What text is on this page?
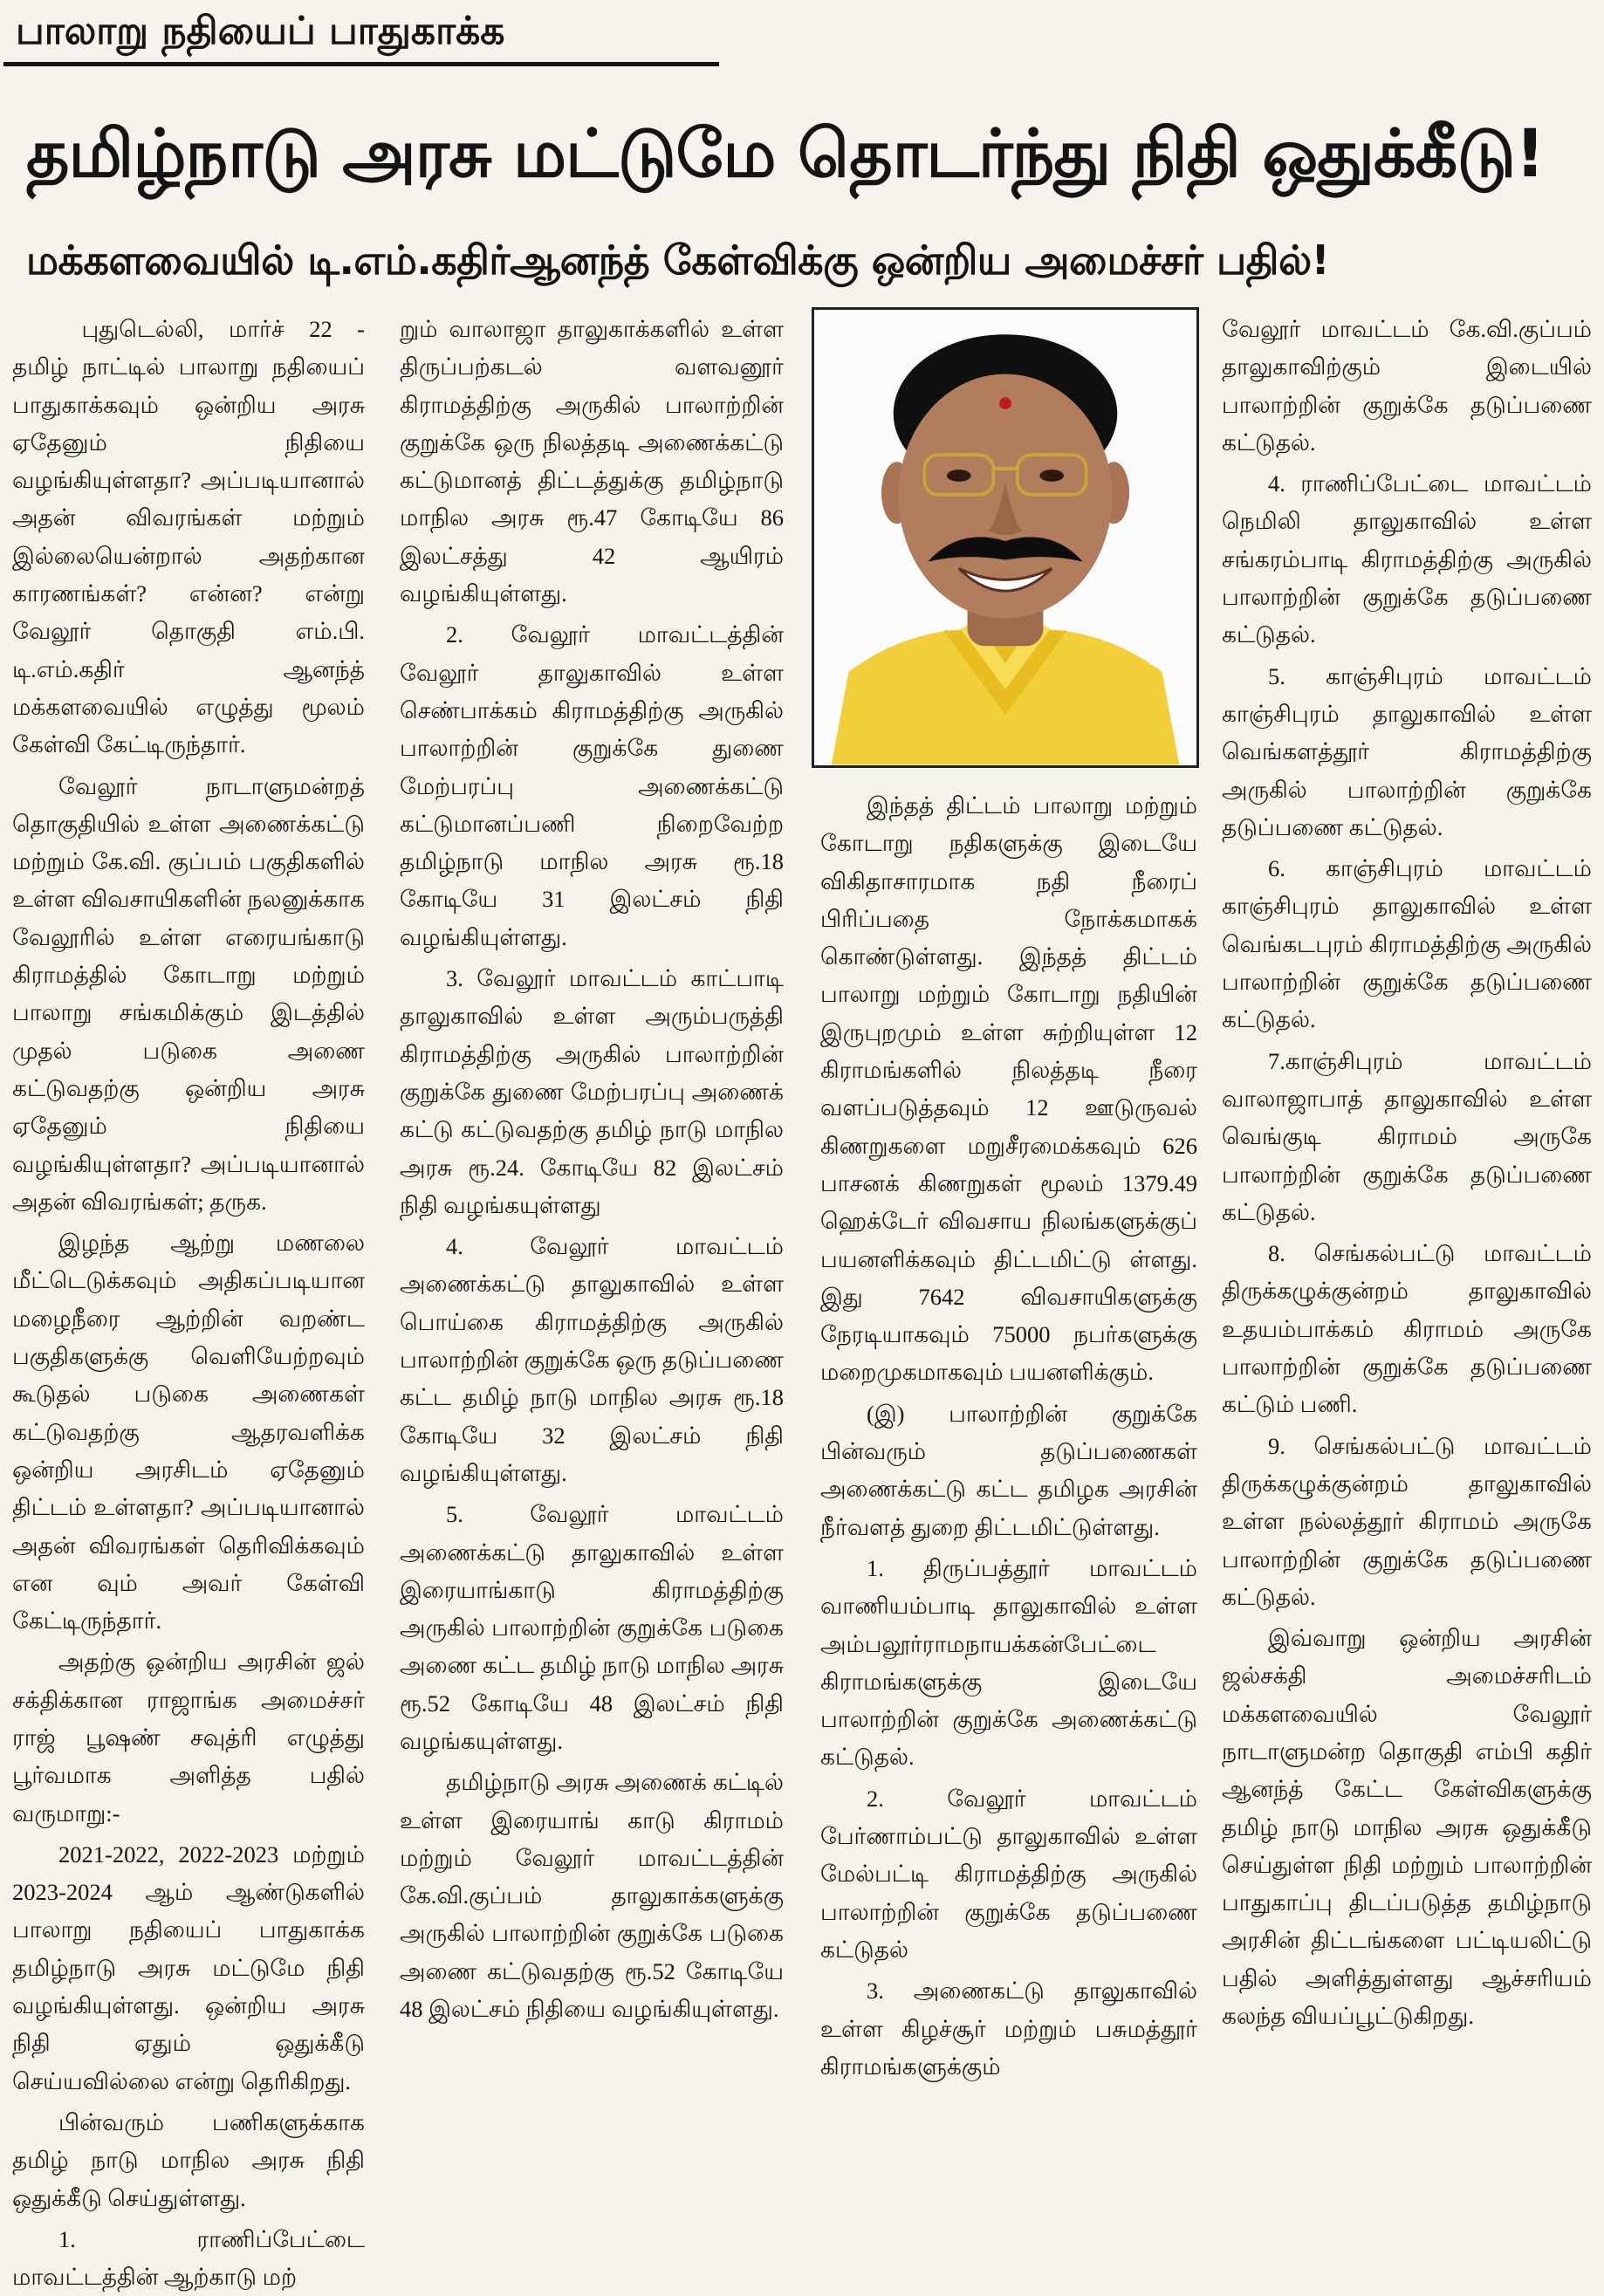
பாலாறு நதியைப் பாதுகாக்க
தமிழ்நாடு அரசு மட்டுமே தொடர்ந்து நிதி ஒதுக்கீடு!
மக்களவையில் டி.எம்.கதிர்ஆனந்த் கேள்விக்கு ஒன்றிய அமைச்சர் பதில்!

புதுடெல்லி, மார்ச் 22 - தமிழ் நாட்டில் பாலாறு நதியைப் பாதுகாக்கவும் ஒன்றிய அரசு ஏதேனும் நிதியை வழங்கியுள்ளதா? அப்படியானால் அதன் விவரங்கள் மற்றும் இல்லையென்றால் அதற்கான காரணங்கள்? என்ன? என்று வேலூர் தொகுதி எம்.பி. டி.எம்.கதிர் ஆனந்த் மக்களவையில் எழுத்து மூலம் கேள்வி கேட்டிருந்தார்.

வேலூர் நாடாளுமன்றத் தொகுதியில் உள்ள அணைக்கட்டு மற்றும் கே.வி. குப்பம் பகுதிகளில் உள்ள விவசாயிகளின் நலனுக்காக வேலூரில் உள்ள எரையங்காடு கிராமத்தில் கோடாறு மற்றும் பாலாறு சங்கமிக்கும் இடத்தில் முதல் படுகை அணை கட்டுவதற்கு ஒன்றிய அரசு ஏதேனும் நிதியை வழங்கியுள்ளதா? அப்படியானால் அதன் விவரங்கள்; தருக.

இழந்த ஆற்று மணலை மீட்டெடுக்கவும் அதிகப்படியான மழைநீரை ஆற்றின் வறண்ட பகுதிகளுக்கு வெளியேற்றவும் கூடுதல் படுகை அணைகள் கட்டுவதற்கு ஆதரவளிக்க ஒன்றிய அரசிடம் ஏதேனும் திட்டம் உள்ளதா? அப்படியானால் அதன் விவரங்கள் தெரிவிக்கவும் என வும் அவர் கேள்வி கேட்டிருந்தார்.

அதற்கு ஒன்றிய அரசின் ஜல் சக்திக்கான ராஜாங்க அமைச்சர் ராஜ் பூஷண் சவுத்ரி எழுத்து பூர்வமாக அளித்த பதில் வருமாறு:-

2021-2022, 2022-2023 மற்றும் 2023-2024 ஆம் ஆண்டுகளில் பாலாறு நதியைப் பாதுகாக்க தமிழ்நாடு அரசு மட்டுமே நிதி வழங்கியுள்ளது. ஒன்றிய அரசு நிதி ஏதும் ஒதுக்கீடு செய்யவில்லை என்று தெரிகிறது.

பின்வரும் பணிகளுக்காக தமிழ் நாடு மாநில அரசு நிதி ஒதுக்கீடு செய்துள்ளது.

1. ராணிப்பேட்டை மாவட்டத்தின் ஆற்காடு மற்

றும் வாலாஜா தாலுகாக்களில் உள்ள திருப்பற்கடல் வளவனூர் கிராமத்திற்கு அருகில் பாலாற்றின் குறுக்கே ஒரு நிலத்தடி அணைக்கட்டு கட்டுமானத் திட்டத்துக்கு தமிழ்நாடு மாநில அரசு ரூ.47 கோடியே 86 இலட்சத்து 42 ஆயிரம் வழங்கியுள்ளது.

2. வேலூர் மாவட்டத்தின் வேலூர் தாலுகாவில் உள்ள செண்பாக்கம் கிராமத்திற்கு அருகில் பாலாற்றின் குறுக்கே துணை மேற்பரப்பு அணைக்கட்டு கட்டுமானப்பணி நிறைவேற்ற தமிழ்நாடு மாநில அரசு ரூ.18 கோடியே 31 இலட்சம் நிதி வழங்கியுள்ளது.

3. வேலூர் மாவட்டம் காட்பாடி தாலுகாவில் உள்ள அரும்பருத்தி கிராமத்திற்கு அருகில் பாலாற்றின் குறுக்கே துணை மேற்பரப்பு அணைக் கட்டு கட்டுவதற்கு தமிழ் நாடு மாநில அரசு ரூ.24. கோடியே 82 இலட்சம் நிதி வழங்கயுள்ளது

4. வேலூர் மாவட்டம் அணைக்கட்டு தாலுகாவில் உள்ள பொய்கை கிராமத்திற்கு அருகில் பாலாற்றின் குறுக்கே ஒரு தடுப்பணை கட்ட தமிழ் நாடு மாநில அரசு ரூ.18 கோடியே 32 இலட்சம் நிதி வழங்கியுள்ளது.

5. வேலூர் மாவட்டம் அணைக்கட்டு தாலுகாவில் உள்ள இரையாங்காடு கிராமத்திற்கு அருகில் பாலாற்றின் குறுக்கே படுகை அணை கட்ட தமிழ் நாடு மாநில அரசு ரூ.52 கோடியே 48 இலட்சம் நிதி வழங்கயுள்ளது.

தமிழ்நாடு அரசு அணைக் கட்டில் உள்ள இரையாங் காடு கிராமம் மற்றும் வேலூர் மாவட்டத்தின் கே.வி.குப்பம் தாலுகாக்களுக்கு அருகில் பாலாற்றின் குறுக்கே படுகை அணை கட்டுவதற்கு ரூ.52 கோடியே 48 இலட்சம் நிதியை வழங்கியுள்ளது.

இந்தத் திட்டம் பாலாறு மற்றும் கோடாறு நதிகளுக்கு இடையே விகிதாசாரமாக நதி நீரைப் பிரிப்பதை நோக்கமாகக் கொண்டுள்ளது. இந்தத் திட்டம் பாலாறு மற்றும் கோடாறு நதியின் இருபுறமும் உள்ள சுற்றியுள்ள 12 கிராமங்களில் நிலத்தடி நீரை வளப்படுத்தவும் 12 ஊடுருவல் கிணறுகளை மறுசீரமைக்கவும் 626 பாசனக் கிணறுகள் மூலம் 1379.49 ஹெக்டேர் விவசாய நிலங்களுக்குப் பயனளிக்கவும் திட்டமிட்டு ள்ளது. இது 7642 விவசாயிகளுக்கு நேரடியாகவும் 75000 நபர்களுக்கு மறைமுகமாகவும் பயனளிக்கும்.

(இ) பாலாற்றின் குறுக்கே பின்வரும் தடுப்பணைகள் அணைக்கட்டு கட்ட தமிழக அரசின் நீர்வளத் துறை திட்டமிட்டுள்ளது.

1. திருப்பத்தூர் மாவட்டம் வாணியம்பாடி தாலுகாவில் உள்ள அம்பலூர்ராமநாயக்கன்பேட்டை கிராமங்களுக்கு இடையே பாலாற்றின் குறுக்கே அணைக்கட்டு கட்டுதல்.

2. வேலூர் மாவட்டம் பேர்ணாம்பட்டு தாலுகாவில் உள்ள மேல்பட்டி கிராமத்திற்கு அருகில் பாலாற்றின் குறுக்கே தடுப்பணை கட்டுதல்

3. அணைகட்டு தாலுகாவில் உள்ள கிழச்சூர் மற்றும் பசுமத்தூர் கிராமங்களுக்கும்

வேலூர் மாவட்டம் கே.வி.குப்பம் தாலுகாவிற்கும் இடையில் பாலாற்றின் குறுக்கே தடுப்பணை கட்டுதல்.

4. ராணிப்பேட்டை மாவட்டம் நெமிலி தாலுகாவில் உள்ள சங்கரம்பாடி கிராமத்திற்கு அருகில் பாலாற்றின் குறுக்கே தடுப்பணை கட்டுதல்.

5. காஞ்சிபுரம் மாவட்டம் காஞ்சிபுரம் தாலுகாவில் உள்ள வெங்களத்தூர் கிராமத்திற்கு அருகில் பாலாற்றின் குறுக்கே தடுப்பணை கட்டுதல்.

6. காஞ்சிபுரம் மாவட்டம் காஞ்சிபுரம் தாலுகாவில் உள்ள வெங்கடபுரம் கிராமத்திற்கு அருகில் பாலாற்றின் குறுக்கே தடுப்பணை கட்டுதல்.

7.காஞ்சிபுரம் மாவட்டம் வாலாஜாபாத் தாலுகாவில் உள்ள வெங்குடி கிராமம் அருகே பாலாற்றின் குறுக்கே தடுப்பணை கட்டுதல்.

8. செங்கல்பட்டு மாவட்டம் திருக்கழுக்குன்றம் தாலுகாவில் உதயம்பாக்கம் கிராமம் அருகே பாலாற்றின் குறுக்கே தடுப்பணை கட்டும் பணி.

9. செங்கல்பட்டு மாவட்டம் திருக்கழுக்குன்றம் தாலுகாவில் உள்ள நல்லத்தூர் கிராமம் அருகே பாலாற்றின் குறுக்கே தடுப்பணை கட்டுதல்.

இவ்வாறு ஒன்றிய அரசின் ஜல்சக்தி அமைச்சரிடம் மக்களவையில் வேலூர் நாடாளுமன்ற தொகுதி எம்பி கதிர் ஆனந்த் கேட்ட கேள்விகளுக்கு தமிழ் நாடு மாநில அரசு ஒதுக்கீடு செய்துள்ள நிதி மற்றும் பாலாற்றின் பாதுகாப்பு திடப்படுத்த தமிழ்நாடு அரசின் திட்டங்களை பட்டியலிட்டு பதில் அளித்துள்ளது ஆச்சரியம் கலந்த வியப்பூட்டுகிறது.
